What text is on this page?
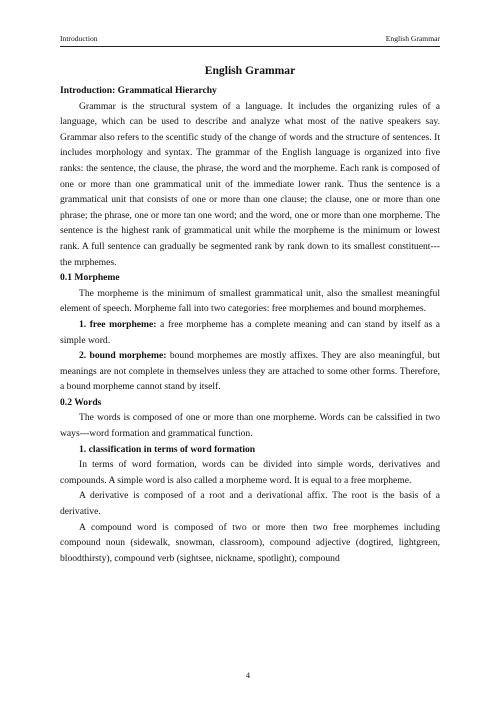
Introduction	English Grammar
English Grammar

Introduction: Grammatical Hierarchy

Grammar is the structural system of a language. It includes the organizing rules of a language, which can be used to describe and analyze what most of the native speakers say. Grammar also refers to the scentific study of the change of words and the structure of sentences. It includes morphology and syntax. The grammar of the English language is organized into five ranks: the sentence, the clause, the phrase, the word and the morpheme. Each rank is composed of one or more than one grammatical unit of the immediate lower rank. Thus the sentence is a grammatical unit that consists of one or more than one clause; the clause, one or more than one phrase; the phrase, one or more tan one word; and the word, one or more than one morpheme. The sentence is the highest rank of grammatical unit while the morpheme is the minimum or lowest rank. A full sentence can gradually be segmented rank by rank down to its smallest constituent---the mrphemes.

0.1 Morpheme

The morpheme is the minimum of smallest grammatical unit, also the smallest meaningful element of speech. Morpheme fall into two categories: free morphemes and bound morphemes.

1. free morpheme: a free morpheme has a complete meaning and can stand by itself as a simple word.

2. bound morpheme: bound morphemes are mostly affixes. They are also meaningful, but meanings are not complete in themselves unless they are attached to some other forms. Therefore, a bound morpheme cannot stand by itself.

0.2 Words

The words is composed of one or more than one morpheme. Words can be calssified in two ways---word formation and grammatical function.

1. classification in terms of word formation

In terms of word formation, words can be divided into simple words, derivatives and compounds. A simple word is also called a morpheme word. It is equal to a free morpheme.

A derivative is composed of a root and a derivational affix. The root is the basis of a derivative.

A compound word is composed of two or more then two free morphemes including compound noun (sidewalk, snowman, classroom), compound adjective (dogtired, lightgreen, bloodthirsty), compound verb (sightsee, nickname, spotlight), compound

4
